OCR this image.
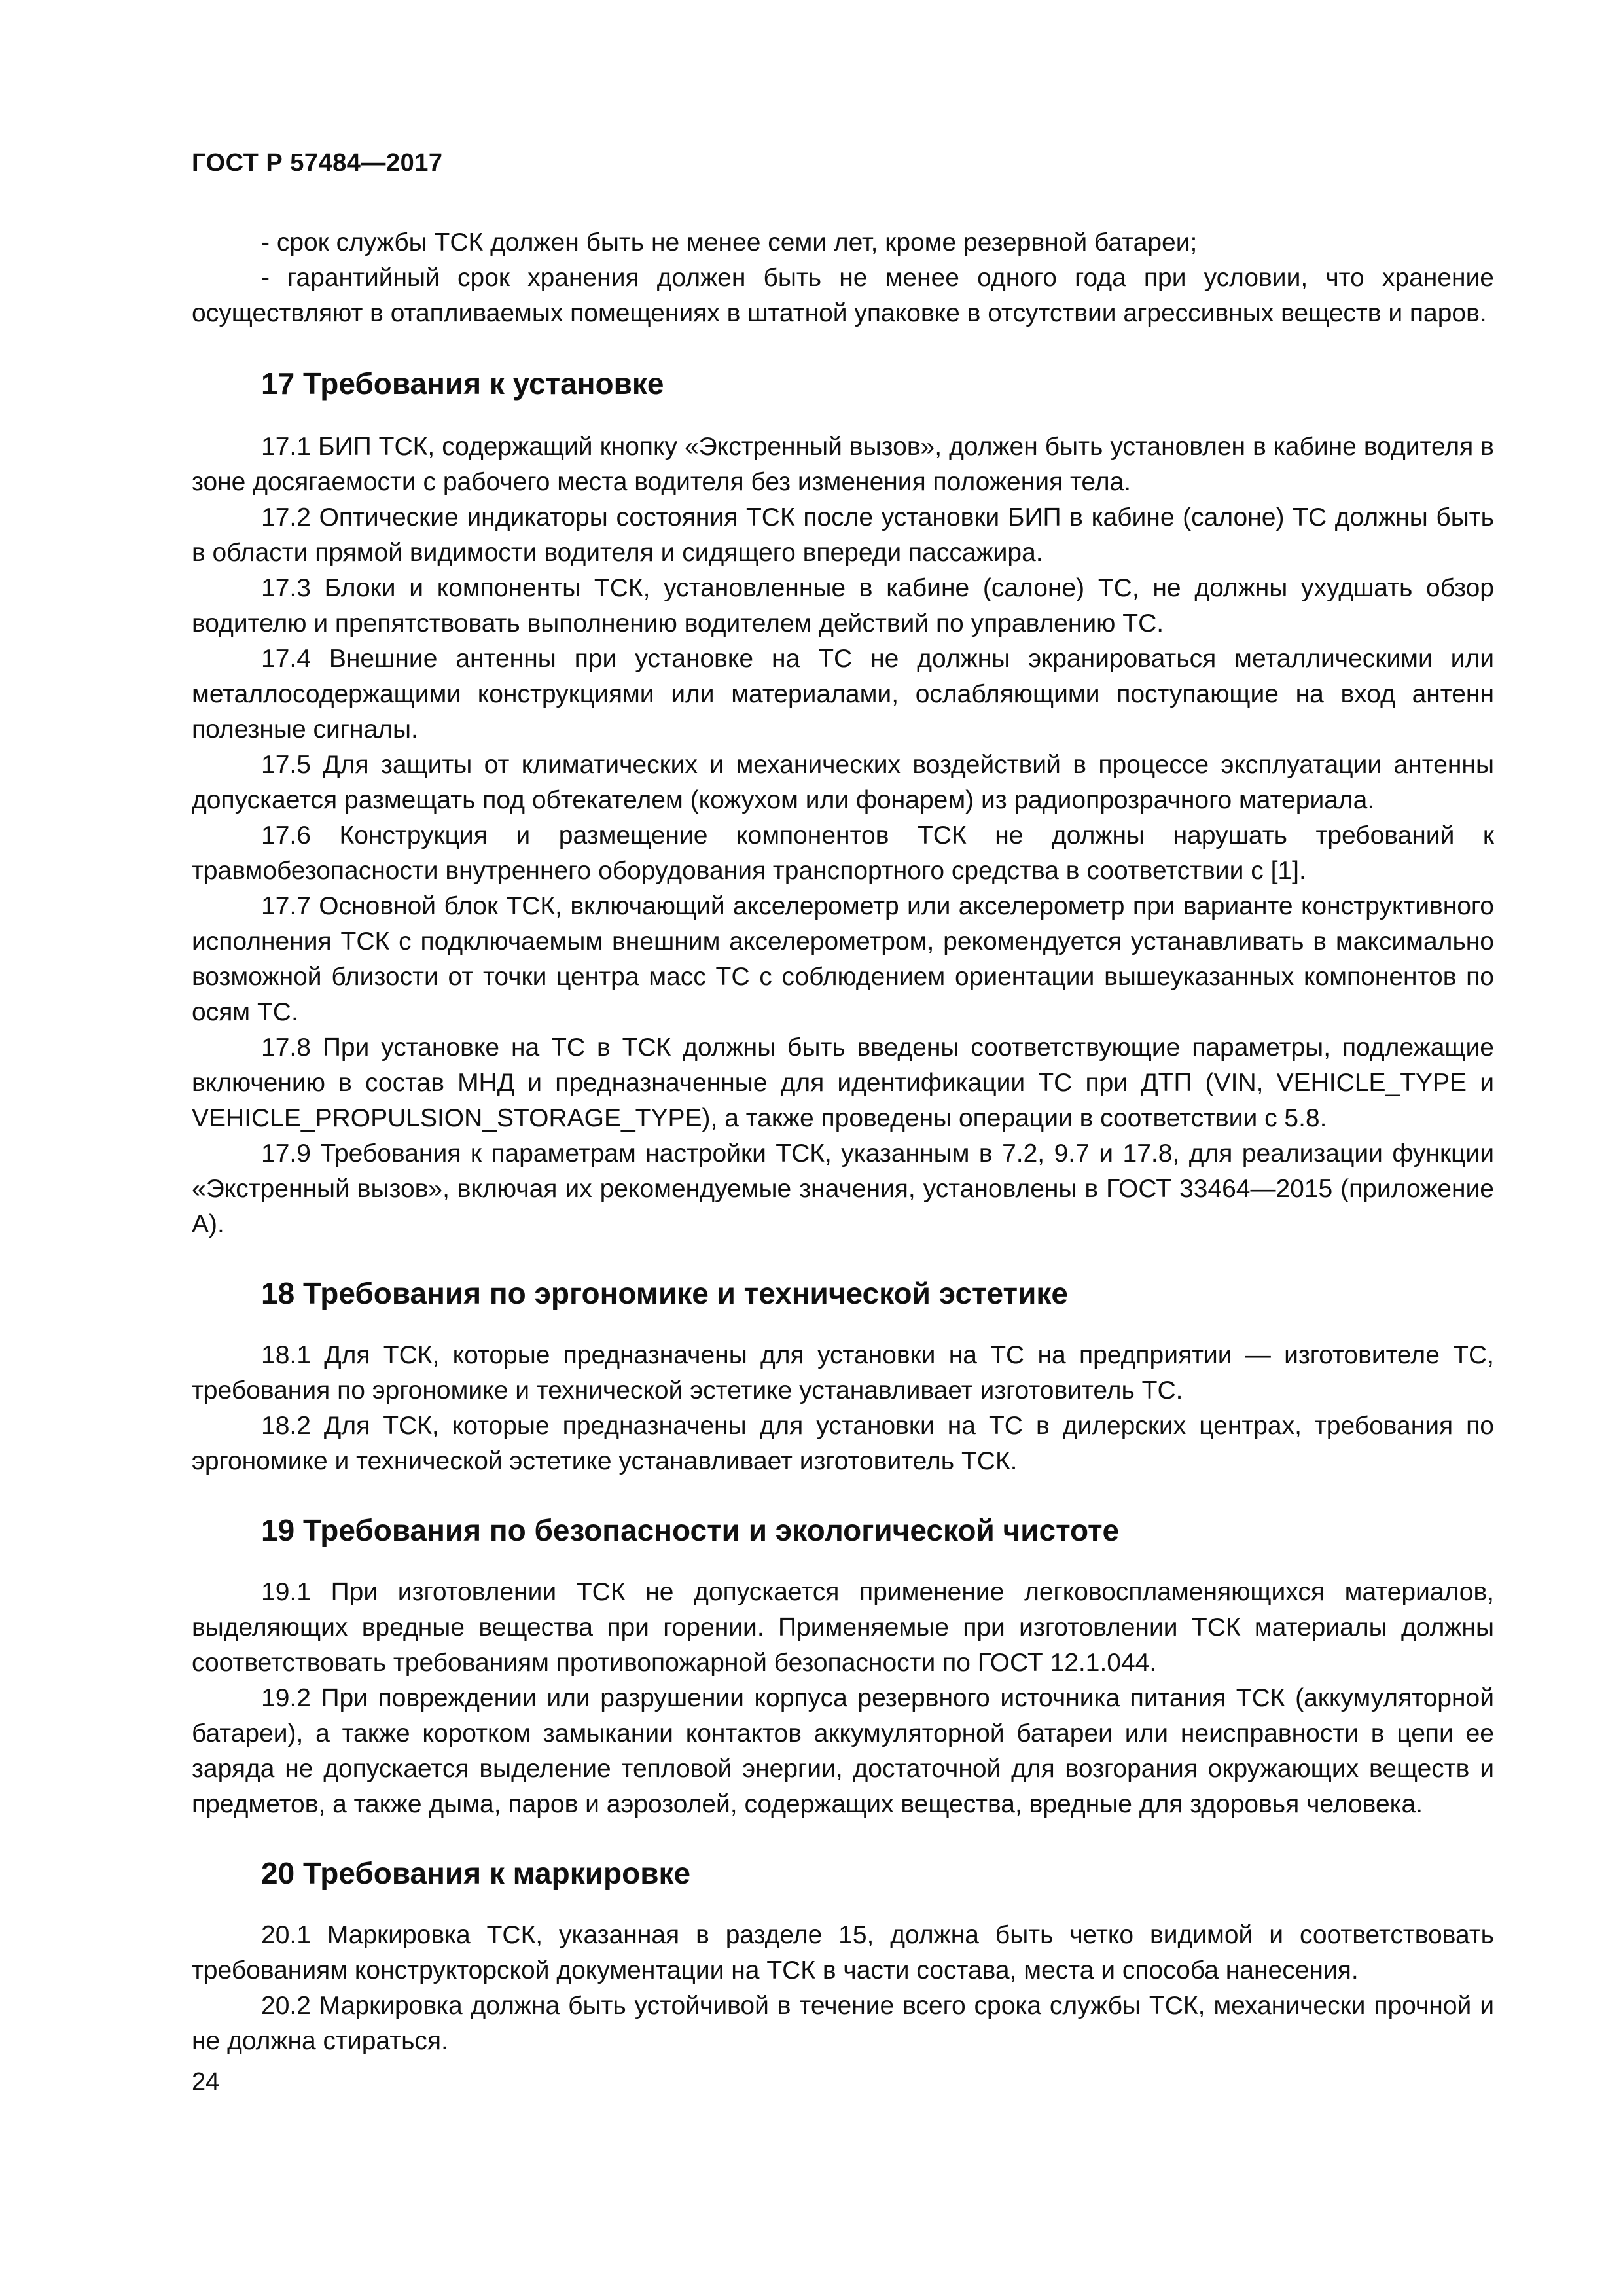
ГОСТ Р 57484—2017

- срок службы ТСК должен быть не менее семи лет, кроме резервной батареи;

- гарантийный срок хранения должен быть не менее одного года при условии, что хранение осуществляют в отапливаемых помещениях в штатной упаковке в отсутствии агрессивных веществ и паров.

17 Требования к установке

17.1 БИП ТСК, содержащий кнопку «Экстренный вызов», должен быть установлен в кабине водителя в зоне досягаемости с рабочего места водителя без изменения положения тела.

17.2 Оптические индикаторы состояния ТСК после установки БИП в кабине (салоне) ТС должны быть в области прямой видимости водителя и сидящего впереди пассажира.

17.3 Блоки и компоненты ТСК, установленные в кабине (салоне) ТС, не должны ухудшать обзор водителю и препятствовать выполнению водителем действий по управлению ТС.

17.4 Внешние антенны при установке на ТС не должны экранироваться металлическими или металлосодержащими конструкциями или материалами, ослабляющими поступающие на вход антенн полезные сигналы.

17.5 Для защиты от климатических и механических воздействий в процессе эксплуатации антенны допускается размещать под обтекателем (кожухом или фонарем) из радиопрозрачного материала.

17.6 Конструкция и размещение компонентов ТСК не должны нарушать требований к травмобезопасности внутреннего оборудования транспортного средства в соответствии с [1].

17.7 Основной блок ТСК, включающий акселерометр или акселерометр при варианте конструктивного исполнения ТСК с подключаемым внешним акселерометром, рекомендуется устанавливать в максимально возможной близости от точки центра масс ТС с соблюдением ориентации вышеуказанных компонентов по осям ТС.

17.8 При установке на ТС в ТСК должны быть введены соответствующие параметры, подлежащие включению в состав МНД и предназначенные для идентификации ТС при ДТП (VIN, VEHICLE_TYPE и VEHICLE_PROPULSION_STORAGE_TYPE), а также проведены операции в соответствии с 5.8.

17.9 Требования к параметрам настройки ТСК, указанным в 7.2, 9.7 и 17.8, для реализации функции «Экстренный вызов», включая их рекомендуемые значения, установлены в ГОСТ 33464—2015 (приложение А).

18 Требования по эргономике и технической эстетике

18.1 Для ТСК, которые предназначены для установки на ТС на предприятии — изготовителе ТС, требования по эргономике и технической эстетике устанавливает изготовитель ТС.

18.2 Для ТСК, которые предназначены для установки на ТС в дилерских центрах, требования по эргономике и технической эстетике устанавливает изготовитель ТСК.

19 Требования по безопасности и экологической чистоте

19.1 При изготовлении ТСК не допускается применение легковоспламеняющихся материалов, выделяющих вредные вещества при горении. Применяемые при изготовлении ТСК материалы должны соответствовать требованиям противопожарной безопасности по ГОСТ 12.1.044.

19.2 При повреждении или разрушении корпуса резервного источника питания ТСК (аккумуляторной батареи), а также коротком замыкании контактов аккумуляторной батареи или неисправности в цепи ее заряда не допускается выделение тепловой энергии, достаточной для возгорания окружающих веществ и предметов, а также дыма, паров и аэрозолей, содержащих вещества, вредные для здоровья человека.

20 Требования к маркировке

20.1 Маркировка ТСК, указанная в разделе 15, должна быть четко видимой и соответствовать требованиям конструкторской документации на ТСК в части состава, места и способа нанесения.

20.2 Маркировка должна быть устойчивой в течение всего срока службы ТСК, механически прочной и не должна стираться.

24
